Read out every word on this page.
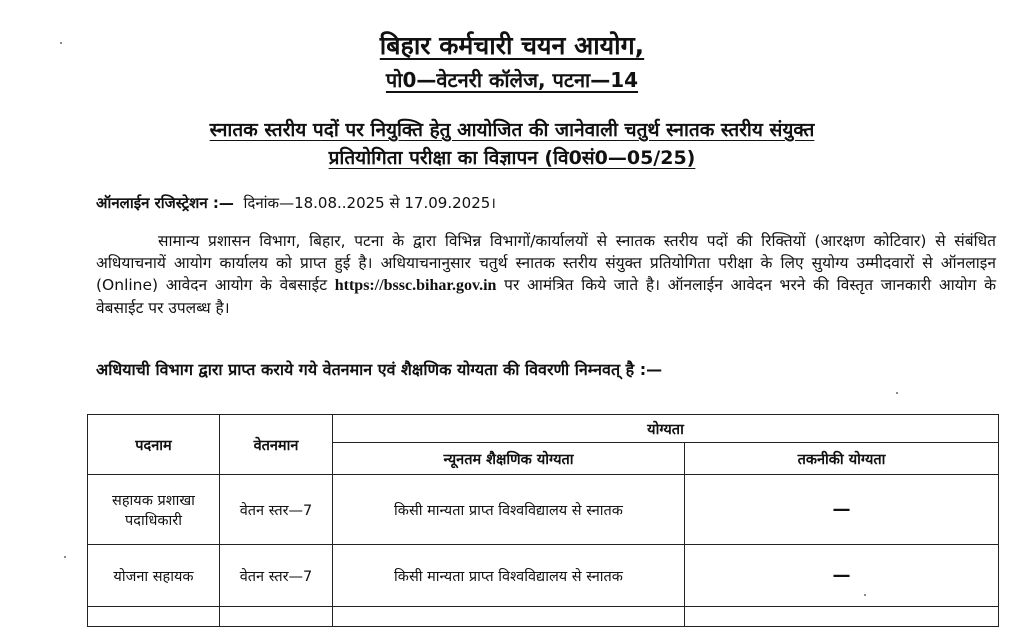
बिहार कर्मचारी चयन आयोग,
पो0—वेटनरी कॉलेज, पटना—14
स्नातक स्तरीय पदों पर नियुक्ति हेतु आयोजित की जानेवाली चतुर्थ स्नातक स्तरीय संयुक्त
प्रतियोगिता परीक्षा का विज्ञापन (वि0सं0—05/25)
ऑनलाईन रजिस्ट्रेशन :— दिनांक—18.08..2025 से 17.09.2025।
सामान्य प्रशासन विभाग, बिहार, पटना के द्वारा विभिन्न विभागों/कार्यालयों से स्नातक स्तरीय पदों की रिक्तियों (आरक्षण कोटिवार) से संबंधित अधियाचनायें आयोग कार्यालय को प्राप्त हुई है। अधियाचनानुसार चतुर्थ स्नातक स्तरीय संयुक्त प्रतियोगिता परीक्षा के लिए सुयोग्य उम्मीदवारों से ऑनलाइन (Online) आवेदन आयोग के वेबसाईट https://bssc.bihar.gov.in पर आमंत्रित किये जाते है। ऑनलाईन आवेदन भरने की विस्तृत जानकारी आयोग के वेबसाईट पर उपलब्ध है।
अधियाची विभाग द्वारा प्राप्त कराये गये वेतनमान एवं शैक्षणिक योग्यता की विवरणी निम्नवत् है :—
पदनाम	वेतनमान	योग्यता	
		न्यूनतम शैक्षणिक योग्यता	तकनीकी योग्यता
सहायक प्रशाखा पदाधिकारी	वेतन स्तर—7	किसी मान्यता प्राप्त विश्वविद्यालय से स्नातक	—
योजना सहायक	वेतन स्तर—7	किसी मान्यता प्राप्त विश्वविद्यालय से स्नातक	—
